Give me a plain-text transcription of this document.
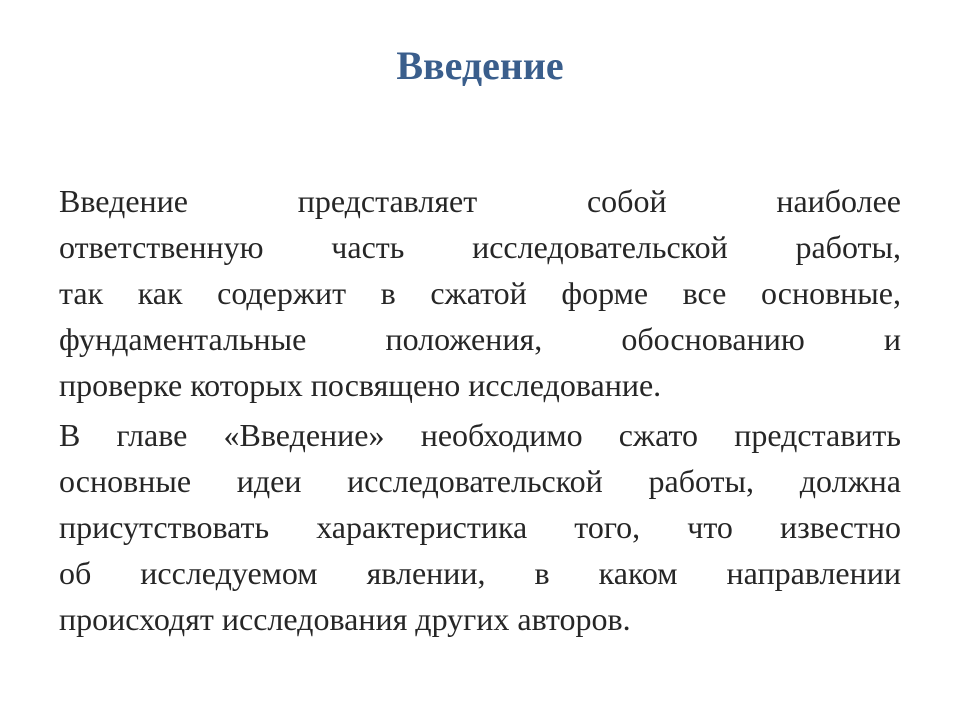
Введение

Введение представляет собой наиболее
ответственную часть исследовательской работы,
так как содержит в сжатой форме все основные,
фундаментальные положения, обоснованию и
проверке которых посвящено исследование.

В главе «Введение» необходимо сжато представить
основные идеи исследовательской работы, должна
присутствовать характеристика того, что известно
об исследуемом явлении, в каком направлении
происходят исследования других авторов.
